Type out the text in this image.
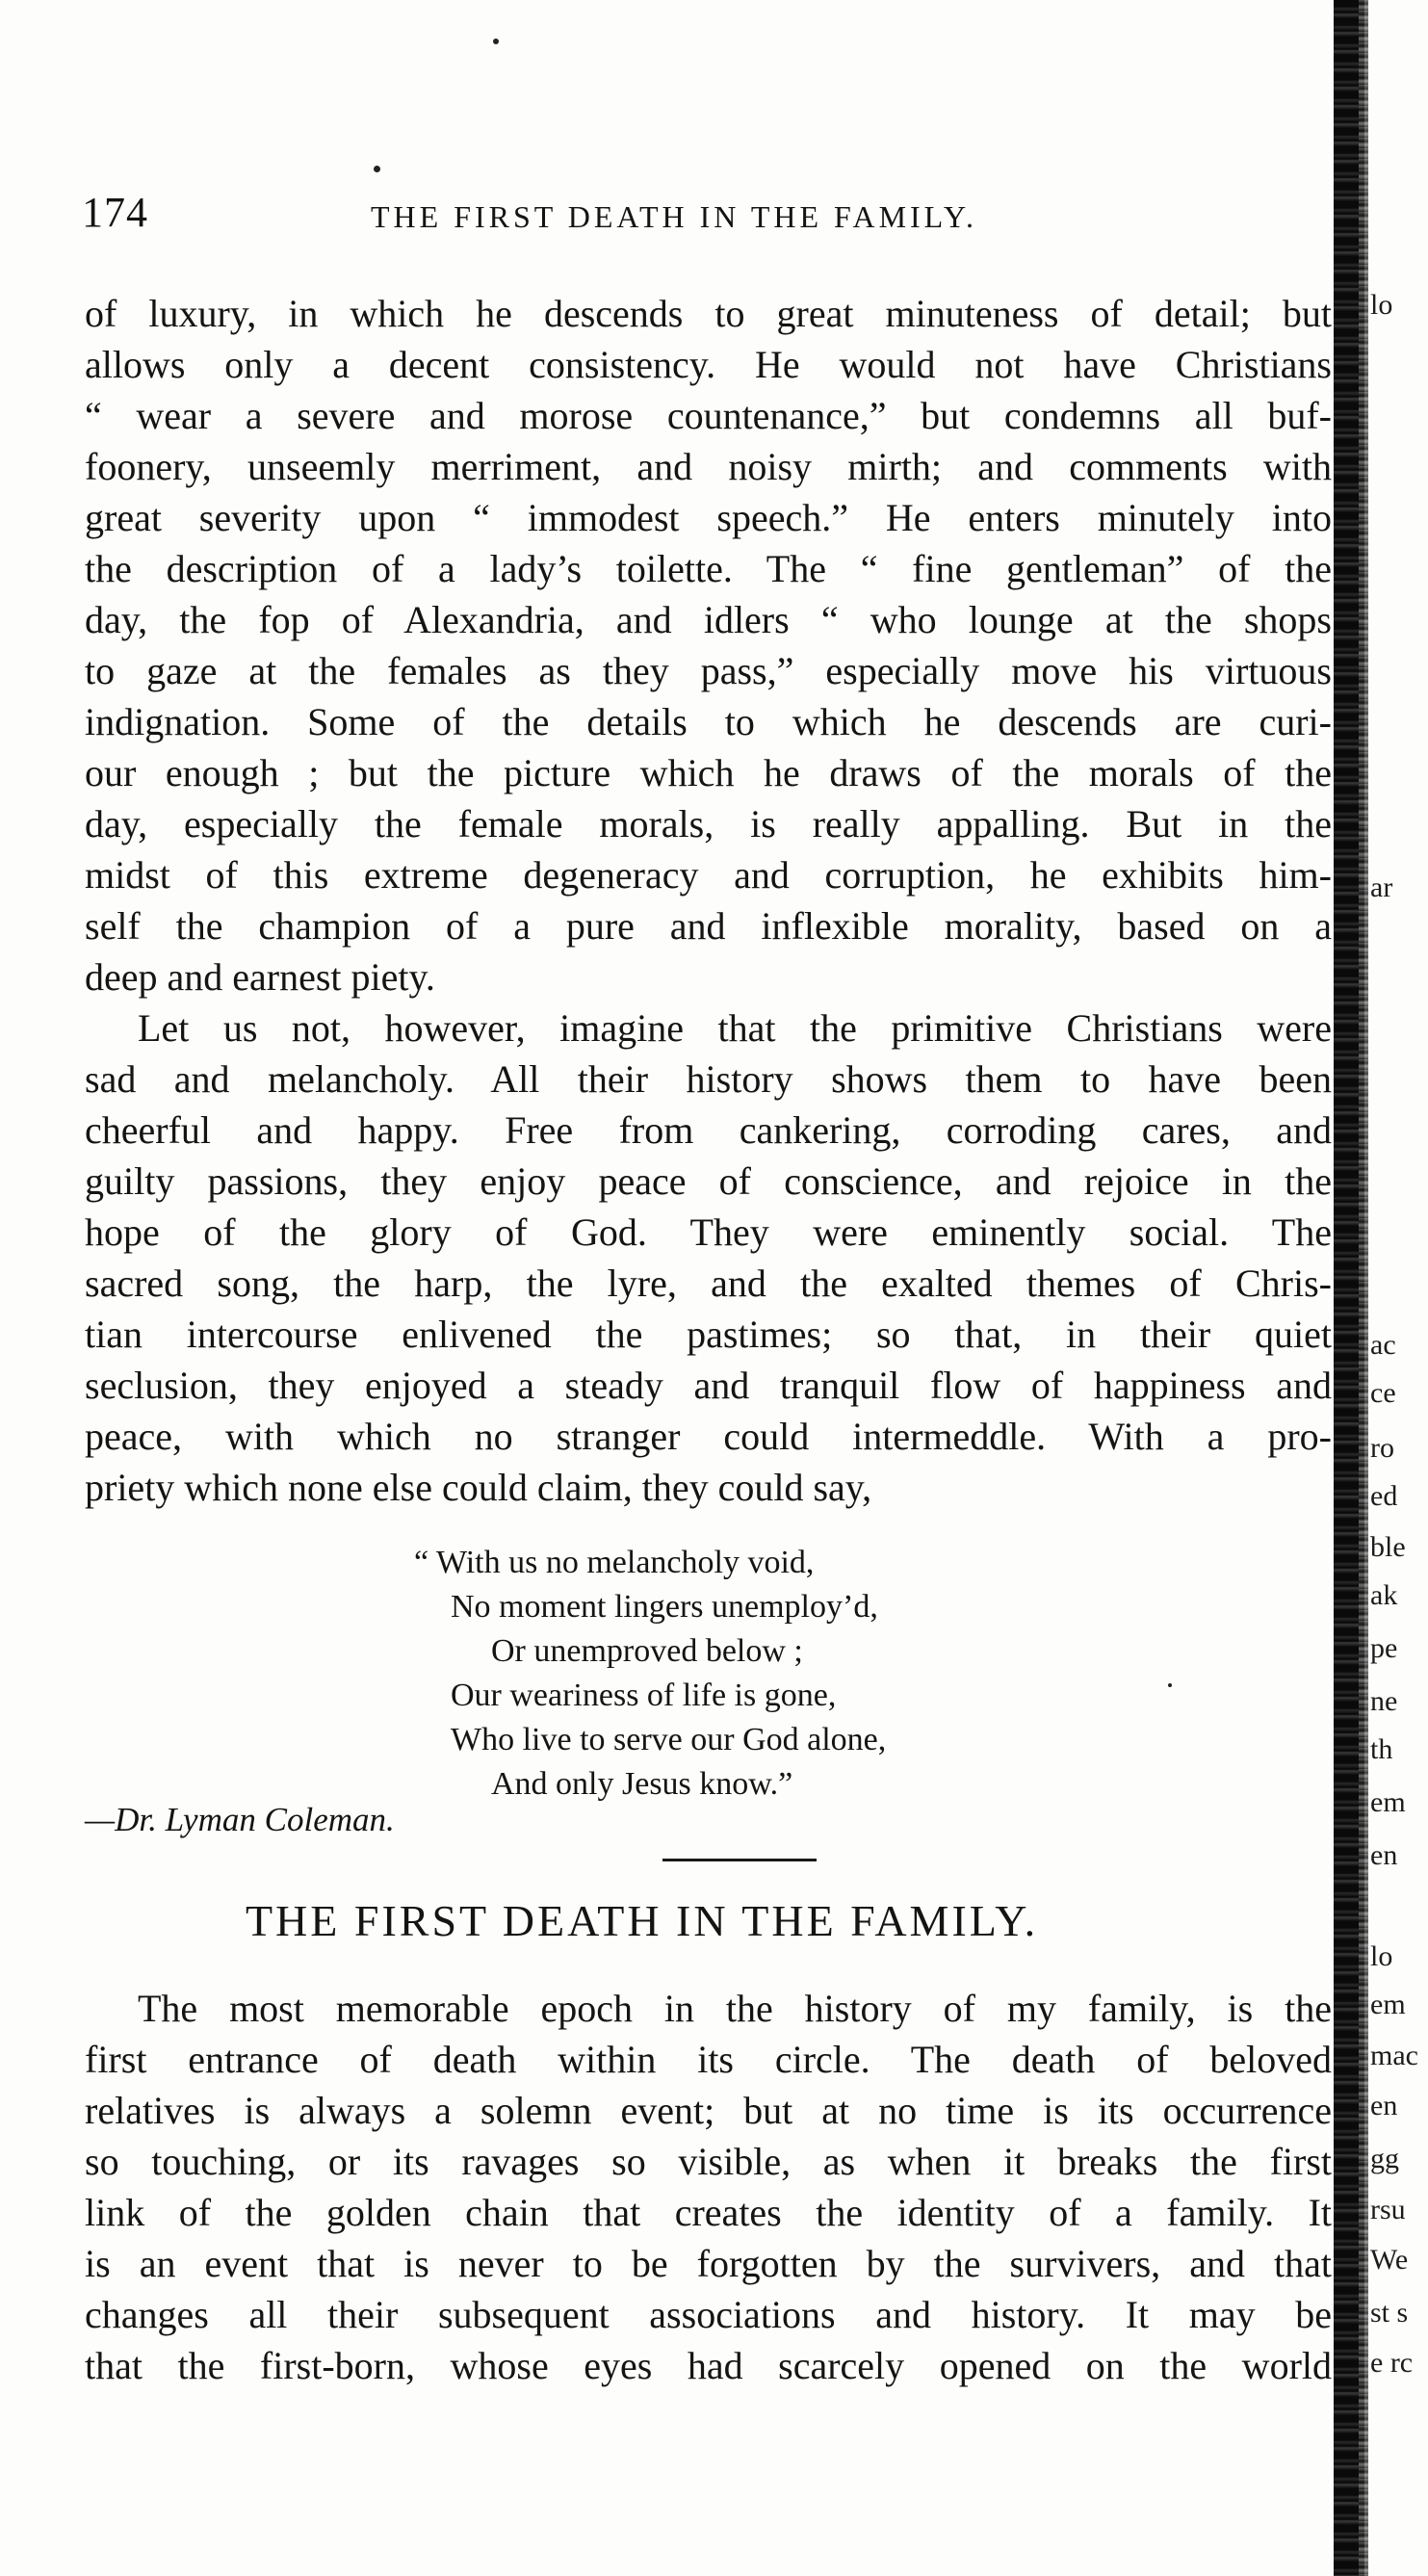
174	THE FIRST DEATH IN THE FAMILY.
of luxury, in which he descends to great minuteness of detail; but
allows only a decent consistency. He would not have Christians
“ wear a severe and morose countenance,” but condemns all buf-
foonery, unseemly merriment, and noisy mirth; and comments with
great severity upon “ immodest speech.” He enters minutely into
the description of a lady’s toilette. The “ fine gentleman” of the
day, the fop of Alexandria, and idlers “ who lounge at the shops
to gaze at the females as they pass,” especially move his virtuous
indignation. Some of the details to which he descends are curi-
our enough ; but the picture which he draws of the morals of the
day, especially the female morals, is really appalling. But in the
midst of this extreme degeneracy and corruption, he exhibits him-
self the champion of a pure and inflexible morality, based on a
deep and earnest piety.
Let us not, however, imagine that the primitive Christians were
sad and melancholy. All their history shows them to have been
cheerful and happy. Free from cankering, corroding cares, and
guilty passions, they enjoy peace of conscience, and rejoice in the
hope of the glory of God. They were eminently social. The
sacred song, the harp, the lyre, and the exalted themes of Chris-
tian intercourse enlivened the pastimes; so that, in their quiet
seclusion, they enjoyed a steady and tranquil flow of happiness and
peace, with which no stranger could intermeddle. With a pro-
priety which none else could claim, they could say,
“ With us no melancholy void,
No moment lingers unemploy’d,
Or unemproved below ;
Our weariness of life is gone,
Who live to serve our God alone,
And only Jesus know.”
—Dr. Lyman Coleman.
THE FIRST DEATH IN THE FAMILY.
The most memorable epoch in the history of my family, is the
first entrance of death within its circle. The death of beloved
relatives is always a solemn event; but at no time is its occurrence
so touching, or its ravages so visible, as when it breaks the first
link of the golden chain that creates the identity of a family. It
is an event that is never to be forgotten by the survivers, and that
changes all their subsequent associations and history. It may be
that the first-born, whose eyes had scarcely opened on the world
lo
ar
ac
ce
ro
ed
ble
ak
pe
ne
th
em
en
lo
em
mac
en
gg
rsu
We
st s
e rc
